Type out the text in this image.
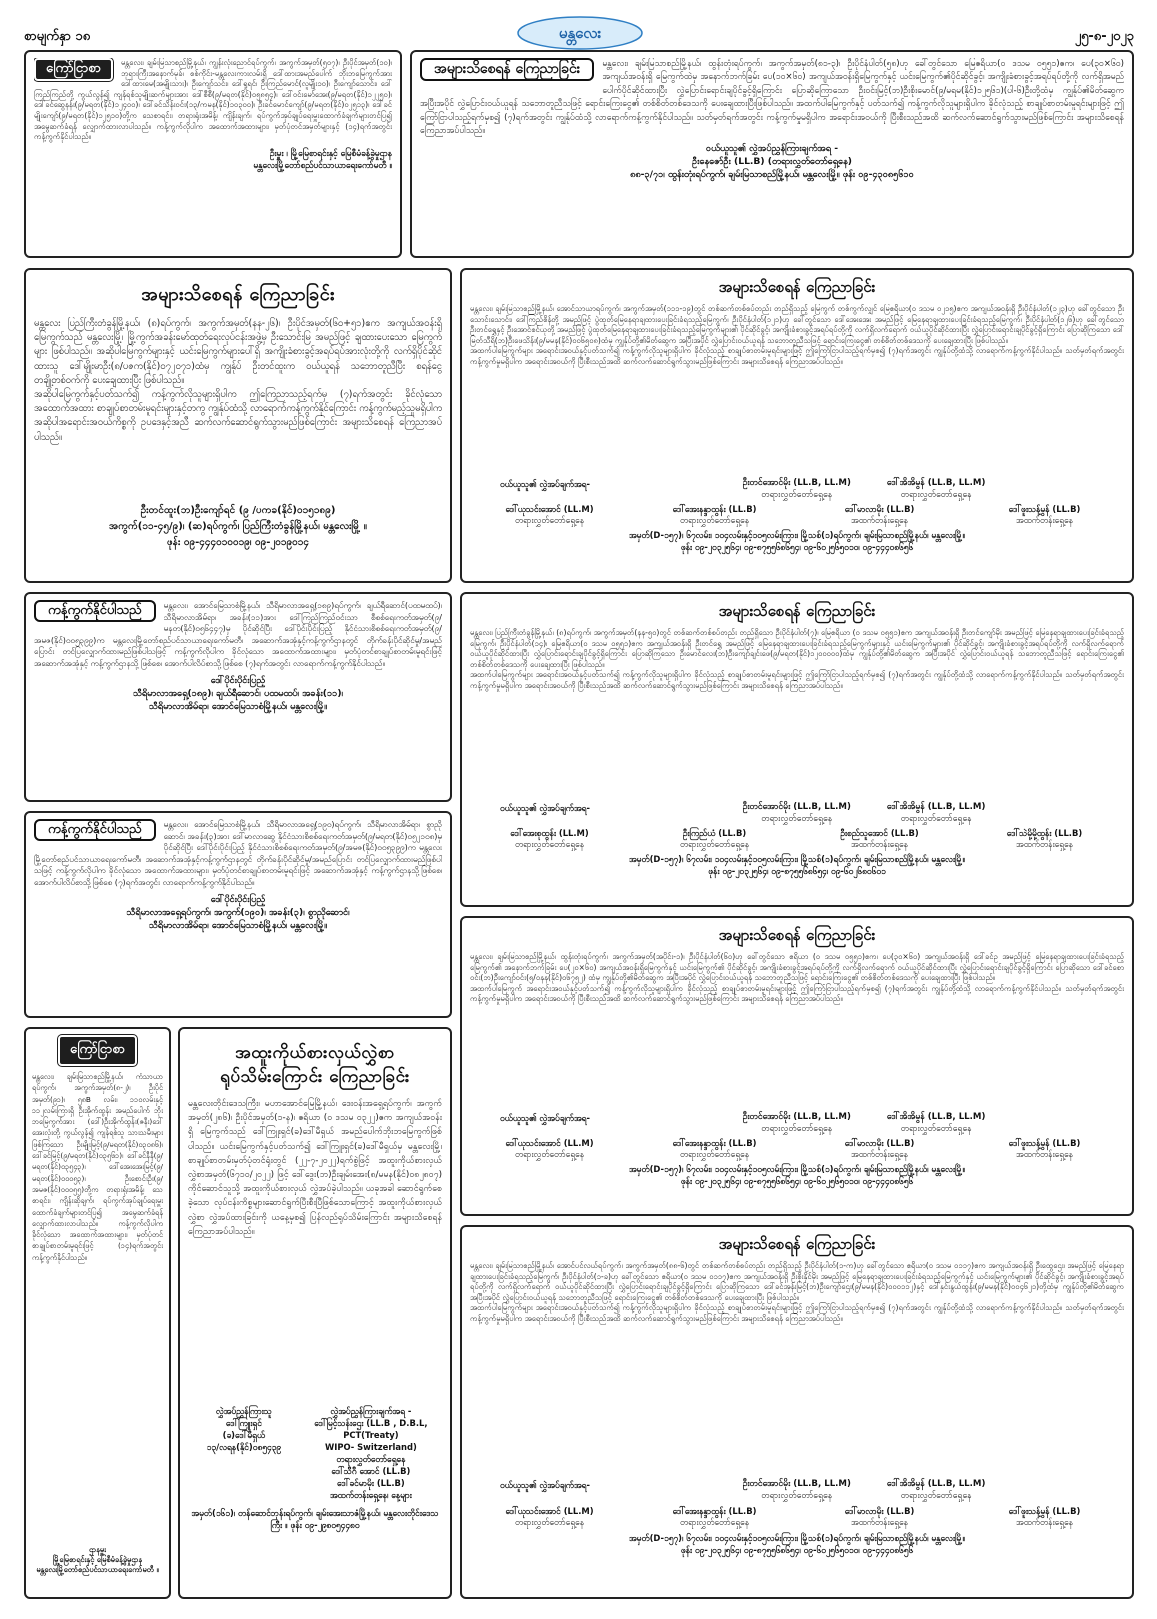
စာမျက်နှာ ၁၈	မန္တလေး	၂၅-၈-၂၀၂၃
ကြော်ငြာစာ	မန္တလေး၊ ချမ်းမြသာစည်မြို့နယ်၊ ကျွန်းလုံးညောင်ရပ်ကွက်၊ အကွက်အမှတ်(၅၀၇)၊ ဦးပိုင်အမှတ်(၁၀)၊ ဘုရားကြီးအနောက်မုခ်၊ စစ်ကိုင်း-မန္တလေးကားလမ်းရှိ ဒေါ်ထားအမည်ပေါက် ဘိုးဘမြေကွက်အား ဒေါ်ထားမေ(အမျိုးသား)၊ ဦးကျော်သင်း၊ ဒေါ်ရှုရင်၊ ဦးကြည်မောင်(လူမျိုး၁၀)၊ ဦးကျော်သောင်း၊ ဒေါ်ကြည်ကြည်တို့ ကွယ်လွန်၍ ကျန်ရစ်သူမျိုးဆက်များအား ဒေါ်စီစီ(၉/မရတ(နိုင်)၀၅၈၅၄)၊ ဒေါ်ဝင်းမော်အေး(၉/မရတ(နိုင်)၁၂၂၅၀)၊ ဒေါ်ခင်ဆွေနန်း(၉/မရတ(နိုင်)၁၂၄၀၀)၊ ဒေါ်ခင်သိန်းဝင်း(၁၃/ကမန(နိုင်)၁၀၃၀၀)၊ ဦးခင်မောင်ကျော်(၉/မရတ(နိုင်)၀၂၅၁၃)၊ ဒေါ်ခင်မျိုးကျော်(၉/မရတ(နိုင်)၁၂၅၁၀)တို့က သေစာရင်း၊ တရားရုံးအမိန့်၊ ကျိန်းချက်၊ ရပ်ကွက်အုပ်ချုပ်ရေးမှူးထောက်ခံချက်များတင်ပြ၍ အမွေဆက်ခံရန် လျှောက်ထားလာပါသည်။ ကန့်ကွက်လိုပါက အထောက်အထားများ၊ မှတ်ပုံတင်အမှတ်များနှင့် (၁၄)ရက်အတွင်း ကန့်ကွက်နိုင်ပါသည်။
ဦးမှူး ၊ မြို့မြေစာရင်းနှင့် မြေစီမံခန့်ခွဲမှုဌာန
မန္တလေးမြို့တော်စည်ပင်သာယာရေးကော်မတီ ။
အများသိစေရန် ကြေညာခြင်း	မန္တလေး၊ ချမ်းမြသာစည်မြို့နယ်၊ ထွန်းတုံးရပ်ကွက်၊ အကွက်အမှတ်(၈၁-၃)၊ ဦးပိုင်နံပါတ်(၅၈)ဟု ခေါ်တွင်သော မြေဧရိယာ(၀ ဒသမ ၀၅၅၁)ဧက၊ ပေ(၃၀×၆၀) အကျယ်အဝန်းရှိ မြေကွက်ထဲမှ အနောက်ဘက်ခြမ်း ပေ(၁၀×၆၀) အကျယ်အဝန်းရှိမြေကွက်နှင့် ယင်းမြေကွက်၏ပိုင်ဆိုင်ခွင့်၊ အကျိုးခံစားခွင့်အရပ်ရပ်တို့ကို လက်ရှိအမည်ပေါက်ပိုင်ဆိုင်ထားပြီး လွှဲပြောင်းရောင်းချပိုင်ခွင့်ရှိကြောင်း ပြောဆိုကြောသော ဦးဝင်းမြင့်(ဘ)ဦးစိုးမောင်(၉/မရမ(နိုင်)၁၂၅၆၁)(ပါ-၆)ဦးတို့ထံမှ ကျွန်ုပ်၏မိတ်ဆွေက အပြီးအပိုင် လွှဲပြောင်းဝယ်ယူရန် သဘောတူညီသဖြင့် ရောင်းကြေးငွေ၏ တစ်စိတ်တစ်ဒေသကို ပေးချေထားပြီးဖြစ်ပါသည်။ အထက်ပါမြေကွက်နှင့် ပတ်သက်၍ ကန့်ကွက်လိုသူများရှိပါက ခိုင်လုံသည့် စာချုပ်စာတမ်းမူရင်းများဖြင့် ဤကြော်ငြာပါသည့်ရက်မှစ၍ (၇)ရက်အတွင်း ကျွန်ုပ်ထံသို့ လာရောက်ကန့်ကွက်နိုင်ပါသည်။ သတ်မှတ်ရက်အတွင်း ကန့်ကွက်မှုမရှိပါက အရောင်းအဝယ်ကို ပြီးစီးသည်အထိ ဆက်လက်ဆောင်ရွက်သွားမည်ဖြစ်ကြောင်း အများသိစေရန် ကြေညာအပ်ပါသည်။
ဝယ်ယူသူ၏ လွှဲအပ်ညွှန်ကြားချက်အရ -
ဦးနေဇော်ဦး (LL.B) (တရားလွှတ်တော်ရှေ့နေ)
၈၈-၃/၇၁၊ ထွန်းတုံးရပ်ကွက်၊ ချမ်းမြသာစည်မြို့နယ်၊ မန္တလေးမြို့။ ဖုန်း ၀၉-၄၃၀၈၅၆၁၀
အများသိစေရန် ကြေညာခြင်း
မန္တလေး ပြည်ကြီးတံခွန်မြို့နယ်၊ (၈)ရပ်ကွက်၊ အကွက်အမှတ်(နန-၂၆)၊ ဦးပိုင်အမှတ်(၆၀+၅၁)ဧက အကျယ်အဝန်းရှိ မြေကွက်သည် မန္တလေးမြို့၊ မြို့ကွက်အခန်းမော်ထုတ်ရေးလုပ်ငန်းအဖွဲ့မှ ဦးသောင်းမြ အမည်ဖြင့် ချထားပေးသော မြေကွက်များ ဖြစ်ပါသည်။ အဆိုပါမြေကွက်များနှင့် ယင်းမြေကွက်များပေါ်ရှိ အကျိုးခံစားခွင့်အရပ်ရပ်အားလုံးတို့ကို လက်ရှိပိုင်ဆိုင်ထားသူ ဒေါ်မျိုးမာဦး(၈/ပဇက(နိုင်)၀၇၂၀၇၁)ထံမှ ကျွန်ုပ် ဦးတင်ထူးက ဝယ်ယူရန် သဘောတူညီပြီး စရန်ငွေ တချို့တစ်ဝက်ကို ပေးချေထားပြီး ဖြစ်ပါသည်။
အဆိုပါမြေကွက်နှင့်ပတ်သက်၍ ကန့်ကွက်လိုသူများရှိပါက ဤကြေညာသည့်ရက်မှ (၇)ရက်အတွင်း ခိုင်လုံသော အထောက်အထား စာချုပ်စာတမ်းမူရင်းများနှင့်တကွ ကျွန်ုပ်ထံသို့ လာရောက်ကန့်ကွက်နိုင်ကြောင်း ကန့်ကွက်မည့်သူမရှိပါက အဆိုပါအရောင်းအဝယ်ကိစ္စကို ဥပဒေနှင့်အညီ ဆက်လက်ဆောင်ရွက်သွားမည်ဖြစ်ကြောင်း အများသိစေရန် ကြေညာအပ်ပါသည်။
ဦးတင်ထူး(ဘ)ဦးကျော်ရင် (၉ /ပကခ(နိုင်)၀၁၅၁၈၉)
အကွက်(၁၁-၄၅/၉)၊ (ဆ)ရပ်ကွက်၊ ပြည်ကြီးတံခွန်မြို့နယ်၊ မန္တလေးမြို့ ။
ဖုန်း ၀၉-၄၄၄၀၁၀၀၁၉၊ ၀၉-၂၀၁၉၀၁၄
အများသိစေရန် ကြေညာခြင်း
မန္တလေး၊ ချမ်းမြသာစည်မြို့နယ်၊ အောင်သာယာရပ်ကွက်၊ အကွက်အမှတ်(၁၁၁-၁၉)တွင် တစ်ဆက်တစ်စပ်တည်း တည်ရှိသည့် မြေကွက် တစ်ကွက်လျှင် မြေဧရိယာ(၀ ဒသမ ၀၂၁၅)ဧက အကျယ်အဝန်းရှိ ဦးပိုင်နံပါတ်(၁၂၃)ဟု ခေါ်တွင်သော ဦးသောင်းသောင်း၊ ဒေါ်ကြည်စိန်တို့ အမည်ဖြင့် ပွဲထုတ်မြေနေရာချထားပေးခြင်းခံရသည့်မြေကွက်၊ ဦးပိုင်နံပါတ်(၁၂၁)ဟု ခေါ်တွင်သော ဒေါ်အေးအေး အမည်ဖြင့် မြေနေရာချထားပေးခြင်းခံရသည့်မြေကွက်၊ ဦးပိုင်နံပါတ်(၁၂၆)ဟု ခေါ်တွင်သော ဦးတင်ရွှေနှင့် ဦးအောင်စင်ယုတို့ အမည်ဖြင့် ပွဲထုတ်မြေနေရာချထားပေးခြင်းခံရသည့်မြေကွက်များ၏ ပိုင်ဆိုင်ခွင့်၊ အကျိုးခံစားခွင့်အရပ်ရပ်တို့ကို လက်ရှိလက်ရောက် ဝယ်ယူပိုင်ဆိုင်ထားပြီး လွှဲပြောင်းရောင်းချပိုင်ခွင့်ရှိကြောင်း ပြောဆိုကြသော ဒေါ်မြတ်သီရိ(ဘ)ဦးဖေသိန်း(၉/မမန(နိုင်)၀၀၆၅၀၈)ထံမှ ကျွန်ုပ်တို့၏မိတ်ဆွေက အပြီးအပိုင် လွှဲပြောင်းဝယ်ယူရန် သဘောတူညီသဖြင့် ရောင်းကြေးငွေ၏ တစ်စိတ်တစ်ဒေသကို ပေးချေထားပြီး ဖြစ်ပါသည်။
အထက်ပါမြေကွက်များ အရောင်းအဝယ်နှင့်ပတ်သက်၍ ကန့်ကွက်လိုသူများရှိပါက ခိုင်လုံသည့် စာချုပ်စာတမ်းမူရင်းများဖြင့် ဤကြော်ငြာပါသည့်ရက်မှစ၍ (၇)ရက်အတွင်း ကျွန်ုပ်တို့ထံသို့ လာရောက်ကန့်ကွက်နိုင်ပါသည်။ သတ်မှတ်ရက်အတွင်း ကန့်ကွက်မှုမရှိပါက အရောင်းအဝယ်ကို ပြီးစီးသည်အထိ ဆက်လက်ဆောင်ရွက်သွားမည်ဖြစ်ကြောင်း အများသိစေရန် ကြေညာအပ်ပါသည်။
ဝယ်ယူသူ၏ လွှဲအပ်ချက်အရ-	ဦးတင်အောင်မိုး (LL.B, LL.M)
တရားလွှတ်တော်ရှေ့နေ
ဒေါ်အိအိမွန် (LL.B, LL.M)
တရားလွှတ်တော်ရှေ့နေ
ဒေါ်ယုသင်းအောင် (LL.M)
တရားလွှတ်တော်ရှေ့နေ
ဒေါ်အေးနန္ဒာထွန်း (LL.B)
တရားလွှတ်တော်ရှေ့နေ
ဒေါ်မာလာမိုး (LL.B)
အထက်တန်းရှေ့နေ
ဒေါ်ဖူးသန့်မွန် (LL.B)
အထက်တန်းရှေ့နေ
အမှတ်(D-၁၅၇)၊ ၆၇လမ်း၊ ၁၀၄လမ်းနှင့်၁၀၅လမ်းကြား၊ မြို့သစ်(၁)ရပ်ကွက်၊ ချမ်းမြသာစည်မြို့နယ်၊ မန္တလေးမြို့။
ဖုန်း ၀၉-၂၀၃၂၅၆၄၊ ၀၉-၈၇၅၅၆၈၆၅၄၊ ၀၉-၆၀၂၅၆၅၀၁၀၊ ၀၉-၄၄၄၀၈၆၅၆
ကန့်ကွက်နိုင်ပါသည်	မန္တလေး၊ အောင်မြေသာစံမြို့နယ်၊ သီရိမာလာအရှေ့(၁၈၉)ရပ်ကွက်၊ ချယ်ရီဆောင်(ပထမထပ်)၊ သီရိမာလာအိမ်ရာ၊ အခန်း(၁၁)အား ဒေါ်ကြည်ကြည်ဝင်းသာ စီစစ်ရေးကတ်အမှတ်(၉/မနတ(နိုင်)၀၅၆၄၄၇)မှ ပိုင်ဆိုင်ပြီး ဒေါ်ပိုင်းပိုင်းပြည့် နိုင်ငံသားစိစစ်ရေးကတ်အမှတ်(၉/အမဇ(နိုင်)၀၀၅၃၉၉)က မန္တလေးမြို့တော်စည်ပင်သာယာရေးကော်မတီ၊ အဆောက်အအုံနှင့်ကန့်ကွက်ဌာနတွင် တိုက်ခန်းပိုင်ဆိုင်မှု/အမည်ပြောင်း တင်ပြလျှောက်ထားမည်ဖြစ်ပါသဖြင့် ကန့်ကွက်လိုပါက ခိုင်လုံသော အထောက်အထားများ၊ မှတ်ပုံတင်စာချုပ်စာတမ်းမူရင်းဖြင့် အဆောက်အအုံနှင့် ကန့်ကွက်ဌာနသို့ ဖြစ်စေ၊ အောက်ပါလိပ်စာသို့ဖြစ်စေ (၇)ရက်အတွင်း လာရောက်ကန့်ကွက်နိုင်ပါသည်။
ဒေါ်ပိုင်းပိုင်းပြည့်
သီရိမာလာအရှေ့(၁၈၉)၊ ချယ်ရီဆောင်၊ ပထမထပ်၊ အခန်း(၁၁)၊
သီရိမာလာအိမ်ရာ၊ အောင်မြေသာစံမြို့နယ်၊ မန္တလေးမြို့။
အများသိစေရန် ကြေညာခြင်း
မန္တလေး၊ ပြည်ကြီးတံခွန်မြို့နယ်၊ (၈)ရပ်ကွက်၊ အကွက်အမှတ်(နန-၅၀)တွင် တစ်ဆက်တစ်စပ်တည်း တည်ရှိသော ဦးပိုင်နံပါတ်(၇)၊ မြေဧရိယာ (၀ ဒသမ ၀၅၅၁)ဧက အကျယ်အဝန်းရှိ ဦးတင်ကျော်မိုး အမည်ဖြင့် မြေနေရာချထားပေးခြင်းခံရသည့်မြေကွက်၊ ဦးပိုင်နံပါတ်(၁၄)၊ မြေဧရိယာ(၀ ဒသမ ၀၅၅၁)ဧက အကျယ်အဝန်းရှိ ဦးတင်ရွှေ အမည်ဖြင့် မြေနေရာချထားပေးခြင်းခံရသည့်မြေကွက်များနှင့် ယင်းမြေကွက်များ၏ ပိုင်ဆိုင်ခွင့်၊ အကျိုးခံစားခွင့်အရပ်ရပ်တို့ကို လက်ရှိလက်ရောက် ဝယ်ယူပိုင်ဆိုင်ထားပြီး လွှဲပြောင်းရောင်းချပိုင်ခွင့်ရှိကြောင်း ပြောဆိုကြသော ဦးမောင်လေး(ဘ)ဦးကျော်ချင်းဖေ(၉/မရတ(နိုင်)၁၂၀၀၀၀၀)ထံမှ ကျွန်ုပ်တို့၏မိတ်ဆွေက အပြီးအပိုင် လွှဲပြောင်းဝယ်ယူရန် သဘောတူညီသဖြင့် ရောင်းကြေးငွေ၏ တစ်စိတ်တစ်ဒေသကို ပေးချေထားပြီး ဖြစ်ပါသည်။
အထက်ပါမြေကွက်များ အရောင်းအဝယ်နှင့်ပတ်သက်၍ ကန့်ကွက်လိုသူများရှိပါက ခိုင်လုံသည့် စာချုပ်စာတမ်းမူရင်းများဖြင့် ဤကြော်ငြာပါသည့်ရက်မှစ၍ (၇)ရက်အတွင်း ကျွန်ုပ်တို့ထံသို့ လာရောက်ကန့်ကွက်နိုင်ပါသည်။ သတ်မှတ်ရက်အတွင်း ကန့်ကွက်မှုမရှိပါက အရောင်းအဝယ်ကို ပြီးစီးသည်အထိ ဆက်လက်ဆောင်ရွက်သွားမည်ဖြစ်ကြောင်း အများသိစေရန် ကြေညာအပ်ပါသည်။
ဝယ်ယူသူ၏ လွှဲအပ်ချက်အရ-	ဦးတင်အောင်မိုး (LL.B, LL.M)
တရားလွှတ်တော်ရှေ့နေ
ဒေါ်အိအိမွန် (LL.B, LL.M)
တရားလွှတ်တော်ရှေ့နေ
ဒေါ်အေးစုထွန်း (LL.M)
တရားလွှတ်တော်ရှေ့နေ
ဦးကြည်ယံ (LL.B)
တရားလွှတ်တော်ရှေ့နေ
ဦးစည်သူအောင် (LL.B)
အထက်တန်းရှေ့နေ
ဒေါ်သဲမို့မို့ထွန်း (LL.B)
အထက်တန်းရှေ့နေ
အမှတ်(D-၁၅၇)၊ ၆၇လမ်း၊ ၁၀၄လမ်းနှင့်၁၀၅လမ်းကြား၊ မြို့သစ်(၁)ရပ်ကွက်၊ ချမ်းမြသာစည်မြို့နယ်၊ မန္တလေးမြို့။
ဖုန်း ၀၉-၂၀၃၂၅၆၄၊ ၀၉-၈၇၅၅၆၈၆၅၄၊ ၀၉-၆၀၂၆၈၀၆၀၁
ကန့်ကွက်နိုင်ပါသည်	မန္တလေး၊ အောင်မြေသာစံမြို့နယ်၊ သီရိမာလာအရှေ့(၁၉၀)ရပ်ကွက်၊ သီရိမာလာအိမ်ရာ၊ စွာညိုဆောင်၊ အခန်း(၃)အား ဒေါ်မာလာဆွေ နိုင်ငံသားစိစစ်ရေးကတ်အမှတ်(၉/မရတ(နိုင်)၀၅၂၁၀၈)မှ ပိုင်ဆိုင်ပြီး ဒေါ်ပိုင်းပိုင်းပြည့် နိုင်ငံသားစိစစ်ရေးကတ်အမှတ်(၉/အမဇ(နိုင်)၀၀၅၃၉၉)က မန္တလေးမြို့တော်စည်ပင်သာယာရေးကော်မတီ၊ အဆောက်အအုံနှင့်ကန့်ကွက်ဌာနတွင် တိုက်ခန်းပိုင်ဆိုင်မှု/အမည်ပြောင်း တင်ပြလျှောက်ထားမည်ဖြစ်ပါသဖြင့် ကန့်ကွက်လိုပါက ခိုင်လုံသော အထောက်အထားများ၊ မှတ်ပုံတင်စာချုပ်စာတမ်းမူရင်းဖြင့် အဆောက်အအုံနှင့် ကန့်ကွက်ဌာနသို့ဖြစ်စေ၊ အောက်ပါလိပ်စာသို့ဖြစ်စေ (၇)ရက်အတွင်း လာရောက်ကန့်ကွက်နိုင်ပါသည်။
ဒေါ်ပိုင်းပိုင်းပြည့်
သီရိမာလာအရှေ့ရပ်ကွက်၊ အကွက်(၁၉၀)၊ အခန်း(၃)၊ စွာညိုဆောင်၊
သီရိမာလာအိမ်ရာ၊ အောင်မြေသာစံမြို့နယ်၊ မန္တလေးမြို့။
အများသိစေရန် ကြေညာခြင်း
မန္တလေး၊ ချမ်းမြသာစည်မြို့နယ်၊ ထွန်းတုံးရပ်ကွက်၊ အကွက်အမှတ်(အပိုင်း-၁)၊ ဦးပိုင်နံပါတ်(၆၀)ဟု ခေါ်တွင်သော ဧရိယာ (၀ ဒသမ ၀၅၅၁)ဧက၊ ပေ(၃၀×၆၀) အကျယ်အဝန်းရှိ ဒေါ်ခင်ဥ အမည်ဖြင့် မြေနေရာချထားပေးခြင်းခံရသည့် မြေကွက်၏ အနောက်ဘက်ခြမ်း ပေ(၂၀×၆၀) အကျယ်အဝန်းရှိမြေကွက်နှင့် ယင်းမြေကွက်၏ ပိုင်ဆိုင်ခွင့်၊ အကျိုးခံစားခွင့်အရပ်ရပ်တို့ကို လက်ရှိလက်ရောက် ဝယ်ယူပိုင်ဆိုင်ထားပြီး လွှဲပြောင်းရောင်းချပိုင်ခွင့်ရှိကြောင်း ပြောဆိုသော ဒေါ်ခင်စောဝင်း(ဘ)ဦးကျော်ဝင်း(၅/ဝနန(နိုင်)၀၆၇၅၂) ထံမှ ကျွန်ုပ်တို့၏မိတ်ဆွေက အပြီးအပိုင် လွှဲပြောင်းဝယ်ယူရန် သဘောတူညီသဖြင့် ရောင်းကြေးငွေ၏ တစ်စိတ်တစ်ဒေသကို ပေးချေထားပြီး ဖြစ်ပါသည်။
အထက်ပါမြေကွက် အရောင်းအဝယ်နှင့်ပတ်သက်၍ ကန့်ကွက်လိုသူများရှိပါက ခိုင်လုံသည့် စာချုပ်စာတမ်းမူရင်းများဖြင့် ဤကြော်ငြာပါသည့်ရက်မှစ၍ (၇)ရက်အတွင်း ကျွန်ုပ်တို့ထံသို့ လာရောက်ကန့်ကွက်နိုင်ပါသည်။ သတ်မှတ်ရက်အတွင်း ကန့်ကွက်မှုမရှိပါက အရောင်းအဝယ်ကို ပြီးစီးသည်အထိ ဆက်လက်ဆောင်ရွက်သွားမည်ဖြစ်ကြောင်း အများသိစေရန် ကြေညာအပ်ပါသည်။
ဝယ်ယူသူ၏ လွှဲအပ်ချက်အရ-	ဦးတင်အောင်မိုး (LL.B, LL.M)
တရားလွှတ်တော်ရှေ့နေ
ဒေါ်အိအိမွန် (LL.B, LL.M)
တရားလွှတ်တော်ရှေ့နေ
ဒေါ်ယုသင်းအောင် (LL.M)
တရားလွှတ်တော်ရှေ့နေ
ဒေါ်အေးနန္ဒာထွန်း (LL.B)
တရားလွှတ်တော်ရှေ့နေ
ဒေါ်မာလာမိုး (LL.B)
အထက်တန်းရှေ့နေ
ဒေါ်ဖူးသန့်မွန် (LL.B)
အထက်တန်းရှေ့နေ
အမှတ်(D-၁၅၇)၊ ၆၇လမ်း၊ ၁၀၄လမ်းနှင့်၁၀၅လမ်းကြား၊ မြို့သစ်(၁)ရပ်ကွက်၊ ချမ်းမြသာစည်မြို့နယ်၊ မန္တလေးမြို့။
ဖုန်း ၀၉-၂၀၃၂၅၆၄၊ ၀၉-၈၇၅၅၆၈၆၅၄၊ ၀၉-၆၀၂၅၆၅၀၁၀၊ ၀၉-၄၄၄၀၈၆၅၆
ကြော်ငြာစာ
မန္တလေး၊ ချမ်းမြသာစည်မြို့နယ်၊ ကံသာယာရပ်ကွက်၊ အကွက်အမှတ်(၈-၂)၊ ဦးပိုင်အမှတ်(၉၁)၊ ၅၈B လမ်း၊ ၁၁၀လမ်းနှင့် ၁၁၂လမ်းကြားရှိ ဦးအိုက်ထွန်း အမည်ပေါက် ဘိုးဘမြေကွက်အား (ဒေါ်)ဦးအိုက်ထွန်း(ဇနီး)ဒေါ်အေးလုံးတို့ ကွယ်လွန်၍ ကျန်ရစ်သူ သားသမီးများဖြစ်ကြသော ဦးမျိုးမြင့်(၉/မရတ(နိုင်)၀၃၀၈၆)၊ ဒေါ်ခင်မြင့်(၉/မရတ(နိုင်)၀၃၅၆၁)၊ ဒေါ်ခင်နီနီ(၉/မရတ(နိုင်)၀၃၅၄၃)၊ ဒေါ်အေးအေးမြင့်(၉/မရတ(နိုင်)၀၀၀၅၃)၊ ဦးစောင်းဦး(၉/အမဇ(နိုင်)၀၀၀၅၅)တို့က တရားရုံးအမိန့်၊ သေစာရင်း၊ ကျိန်းဆိုချက်၊ ရပ်ကွက်အုပ်ချုပ်ရေးမှူးထောက်ခံချက်များတင်ပြ၍ အမွေဆက်ခံရန် လျှောက်ထားလာပါသည်။ ကန့်ကွက်လိုပါက ခိုင်လုံသော အထောက်အထားများ၊ မှတ်ပုံတင်စာချုပ်စာတမ်းမူရင်းဖြင့် (၁၄)ရက်အတွင်း ကန့်ကွက်နိုင်ပါသည်။
ဌာနမှူး
မြို့မြေစာရင်းနှင့် မြေစီမံခန့်ခွဲမှုဌာန
မန္တလေးမြို့တော်စည်ပင်သာယာရေးကော်မတီ ။
အထူးကိုယ်စားလှယ်လွှဲစာ
ရုပ်သိမ်းကြောင်း ကြေညာခြင်း
မန္တလေးတိုင်းဒေသကြီး၊ မဟာအောင်မြေမြို့နယ်၊ ဒေးဝန်းအရှေ့ရပ်ကွက်၊ အကွက်အမှတ်(၂၈၆)၊ ဦးပိုင်အမှတ်(၁-န)၊ ဧရိယာ (၀ ဒသမ ၀၃၂၂)ဧက အကျယ်အဝန်းရှိ မြေကွက်သည် ဒေါ်ကြူးရှင်(ခ)ဒေါ်မီရှယ် အမည်ပေါက်ဘိုးဘမြေကွက်ဖြစ်ပါသည်။ ယင်းမြေကွက်နှင့်ပတ်သက်၍ ဒေါ်ကြူးရှင်(ခ)ဒေါ်မီရှယ်မှ မန္တလေးမြို့၊ စာချုပ်စာတမ်းမှတ်ပုံတင်ရုံးတွင် (၂၂-၇-၂၀၂၂)ရက်စွဲဖြင့် အထူးကိုယ်စားလှယ်လွှဲစာအမှတ်(၆၇၁၀/၂၀၂၂) ဖြင့် ဒေါ်ဒွေး(ဘ)ဦးချမ်းအေး(၈/မမန(နိုင်)၀၈၂၈၀၇) ကိုင်ဆောင်သူသို့ အထူးကိုယ်စားလှယ် လွှဲအပ်ခဲ့ပါသည်။ ယခုအခါ ဆောင်ရွက်စေခဲ့သော လုပ်ငန်းကိစ္စများဆောင်ရွက်ပြီးစီးပြီဖြစ်သောကြောင့် အထူးကိုယ်စားလှယ်လွှဲစာ လွှဲအပ်ထားခြင်းကို ယနေ့မှစ၍ ပြန်လည်ရုပ်သိမ်းကြောင်း အများသိစေရန် ကြေညာအပ်ပါသည်။
လွှဲအပ်ညွှန်ကြားသူ
ဒေါ်ကြူးရှင်
(ခ)ဒေါ်မီရှယ်
၁၃/လရန(နိုင်)၀၈၅၄၃၉
လွှဲအပ်ညွှန်ကြားချက်အရ -
ဒေါ်မြင့်သန်းဌေး (LL.B , D.B.L,
PCT(Treaty)
WIPO- Switzerland)
တရားလွှတ်တော်ရှေ့နေ
ဒေါ်သီဂီ အောင် (LL.B)
ဒေါ်ခင်မာမိုး (LL.B)
အထက်တန်းရှေ့နေ၊ နေ့များ
အမှတ်(၁၆၁)၊ တန်ဆောင်ဘုန်းရပ်ကွက်၊ ချမ်းအေးသာဇံမြို့နယ်၊ မန္တလေးတိုင်းဒေသကြီး ။ ဖုန်း ၀၉-၂၉၈၀၅၄၄၈၀
အများသိစေရန် ကြေညာခြင်း
မန္တလေး၊ ချမ်းမြသာစည်မြို့နယ်၊ အောင်ပင်လယ်ရပ်ကွက်၊ အကွက်အမှတ်(၈၈-၆)တွင် တစ်ဆက်တစ်စပ်တည်း တည်ရှိသည့် ဦးပိုင်နံပါတ်(၁-က)ဟု ခေါ်တွင်သော ဧရိယာ(၀ ဒသမ ၀၁၁၇)ဧက အကျယ်အဝန်းရှိ ဦးထွေဌေး၊ အမည်ဖြင့် မြေနေရာချထားပေးခြင်းခံရသည့်မြေကွက်၊ ဦးပိုင်နံပါတ်(၁-ခ)ဟု ခေါ်တွင်သော ဧရိယာ(၀ ဒသမ ၀၁၁၇)ဧက အကျယ်အဝန်းရှိ ဦးစိုးနိုင်မိုး အမည်ဖြင့် မြေနေရာချထားပေးခြင်းခံရသည့်မြေကွက်နှင့် ယင်းမြေကွက်များ၏ ပိုင်ဆိုင်ခွင့်၊ အကျိုးခံစားခွင့်အရပ်ရပ်တို့ကို လက်ရှိလက်ရောက် ဝယ်ယူပိုင်ဆိုင်ထားပြီး လွှဲပြောင်းရောင်းချပိုင်ခွင့်ရှိကြောင်း ပြောဆိုကြသော ဒေါ်ခင်အုန်းမြင့်(ဘ)ဦးကျော်ဌေး(၉/မမန(နိုင်)၀၀၀၁၁၂)နှင့် ဒေါ်နှင်းနွယ်ထွန်း(၉/မမန(နိုင်)၀၀၄၆၂၁)တို့ထံမှ ကျွန်ုပ်တို့၏မိတ်ဆွေက အပြီးအပိုင် လွှဲပြောင်းဝယ်ယူရန် သဘောတူညီသဖြင့် ရောင်းကြေးငွေ၏ တစ်စိတ်တစ်ဒေသကို ပေးချေထားပြီး ဖြစ်ပါသည်။
အထက်ပါမြေကွက်များ အရောင်းအဝယ်နှင့်ပတ်သက်၍ ကန့်ကွက်လိုသူများရှိပါက ခိုင်လုံသည့် စာချုပ်စာတမ်းမူရင်းများဖြင့် ဤကြော်ငြာပါသည့်ရက်မှစ၍ (၇)ရက်အတွင်း ကျွန်ုပ်တို့ထံသို့ လာရောက်ကန့်ကွက်နိုင်ပါသည်။ သတ်မှတ်ရက်အတွင်း ကန့်ကွက်မှုမရှိပါက အရောင်းအဝယ်ကို ပြီးစီးသည်အထိ ဆက်လက်ဆောင်ရွက်သွားမည်ဖြစ်ကြောင်း အများသိစေရန် ကြေညာအပ်ပါသည်။
ဝယ်ယူသူ၏ လွှဲအပ်ချက်အရ-	ဦးတင်အောင်မိုး (LL.B, LL.M)
တရားလွှတ်တော်ရှေ့နေ
ဒေါ်အိအိမွန် (LL.B, LL.M)
တရားလွှတ်တော်ရှေ့နေ
ဒေါ်ယုသင်းအောင် (LL.M)
တရားလွှတ်တော်ရှေ့နေ
ဒေါ်အေးနန္ဒာထွန်း (LL.B)
တရားလွှတ်တော်ရှေ့နေ
ဒေါ်မာလာမိုး (LL.B)
အထက်တန်းရှေ့နေ
ဒေါ်ဖူးသန့်မွန် (LL.B)
အထက်တန်းရှေ့နေ
အမှတ်(D-၁၅၇)၊ ၆၇လမ်း၊ ၁၀၄လမ်းနှင့်၁၀၅လမ်းကြား၊ မြို့သစ်(၁)ရပ်ကွက်၊ ချမ်းမြသာစည်မြို့နယ်၊ မန္တလေးမြို့။
ဖုန်း ၀၉-၂၀၃၂၅၆၄၊ ၀၉-၈၇၅၅၆၈၆၅၄၊ ၀၉-၆၀၂၅၆၅၀၁၀၊ ၀၉-၄၄၄၀၈၆၅၆
